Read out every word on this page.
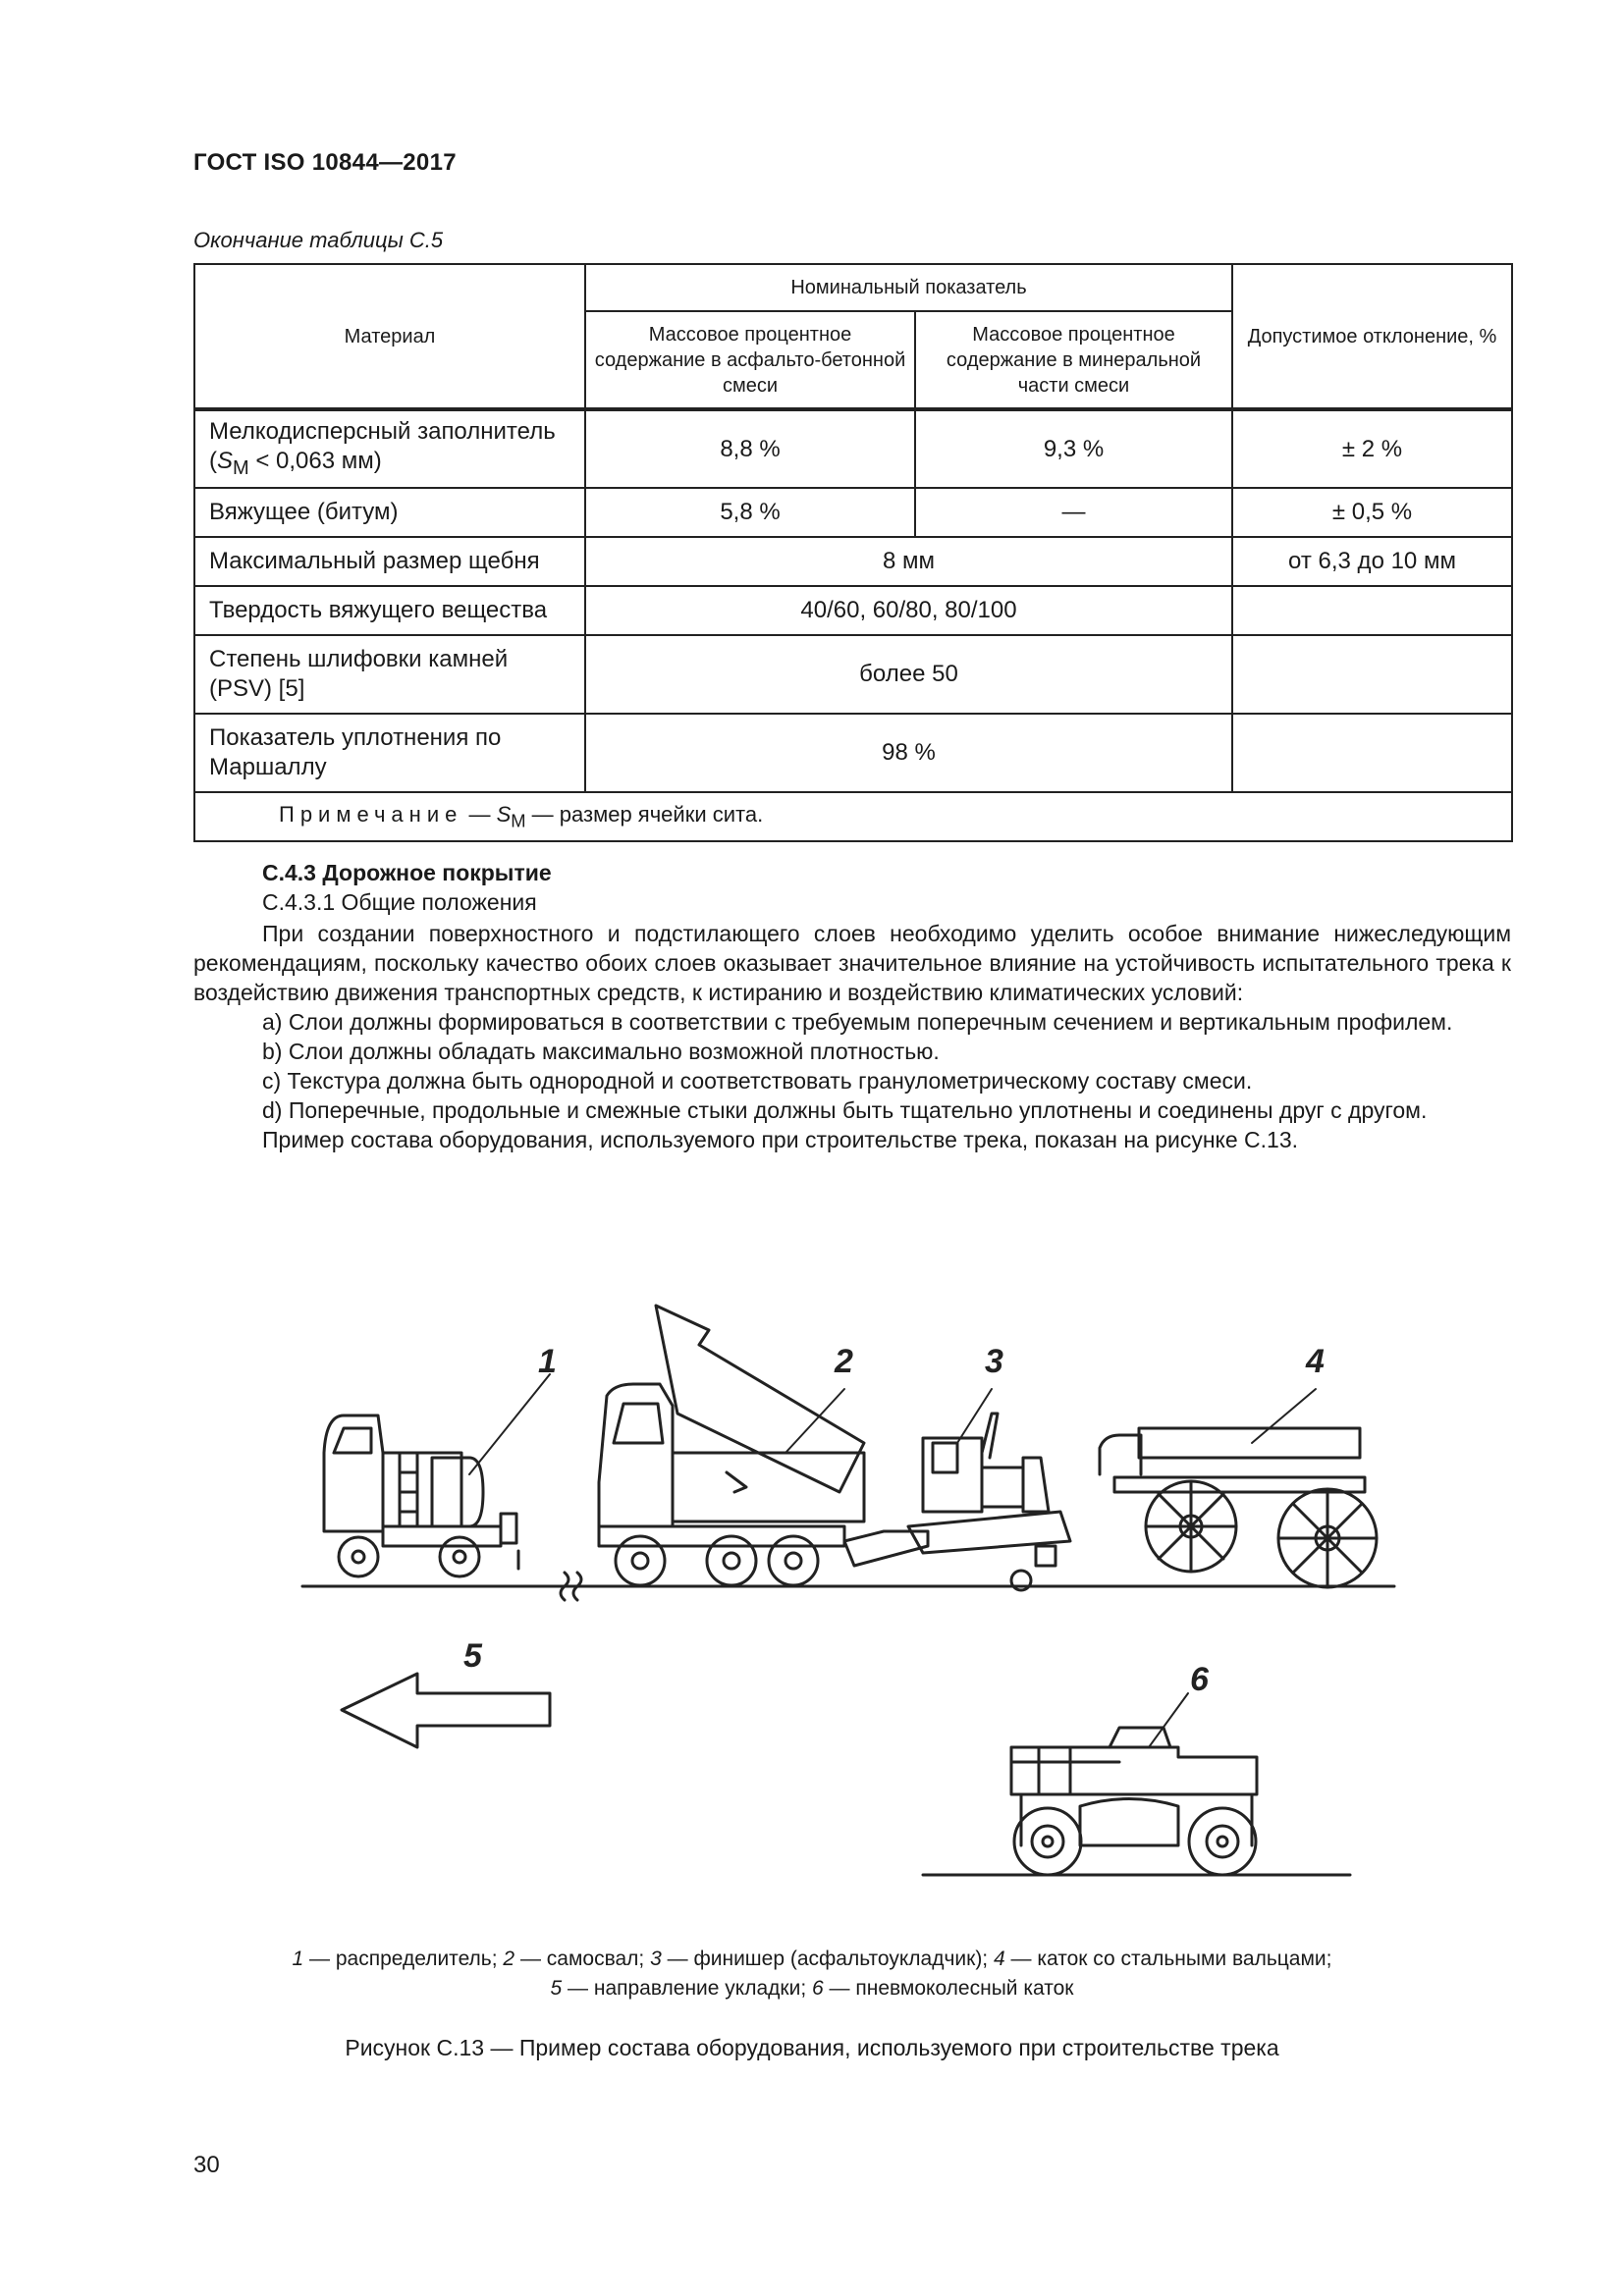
ГОСТ ISO 10844—2017
Окончание таблицы С.5
Материал	Номинальный показатель		Допустимое отклонение, %
	Массовое процентное содержание в асфальто-бетонной смеси	Массовое процентное содержание в минеральной части смеси	
Мелкодисперсный заполнитель ($S_M < 0,063$ мм)	8,8 %	9,3 %	± 2 %
Вяжущее (битум)	5,8 %	—	± 0,5 %
Максимальный размер щебня	8 мм		от 6,3 до 10 мм
Твердость вяжущего вещества	40/60, 60/80, 80/100		
Степень шлифовки камней (PSV) [5]	более 50		
Показатель уплотнения по Маршаллу	98 %		
Примечание — $S_M$ — размер ячейки сита.			
С.4.3 Дорожное покрытие
С.4.3.1 Общие положения
При создании поверхностного и подстилающего слоев необходимо уделить особое внимание нижеследующим рекомендациям, поскольку качество обоих слоев оказывает значительное влияние на устойчивость испытательного трека к воздействию движения транспортных средств, к истиранию и воздействию климатических условий:
a) Слои должны формироваться в соответствии с требуемым поперечным сечением и вертикальным профилем.
b) Слои должны обладать максимально возможной плотностью.
c) Текстура должна быть однородной и соответствовать гранулометрическому составу смеси.
d) Поперечные, продольные и смежные стыки должны быть тщательно уплотнены и соединены друг с другом.
Пример состава оборудования, используемого при строительстве трека, показан на рисунке С.13.
1	2	3	4
5
6
1 — распределитель; 2 — самосвал; 3 — финишер (асфальтоукладчик); 4 — каток со стальными вальцами;
5 — направление укладки; 6 — пневмоколесный каток
Рисунок С.13 — Пример состава оборудования, используемого при строительстве трека
30
